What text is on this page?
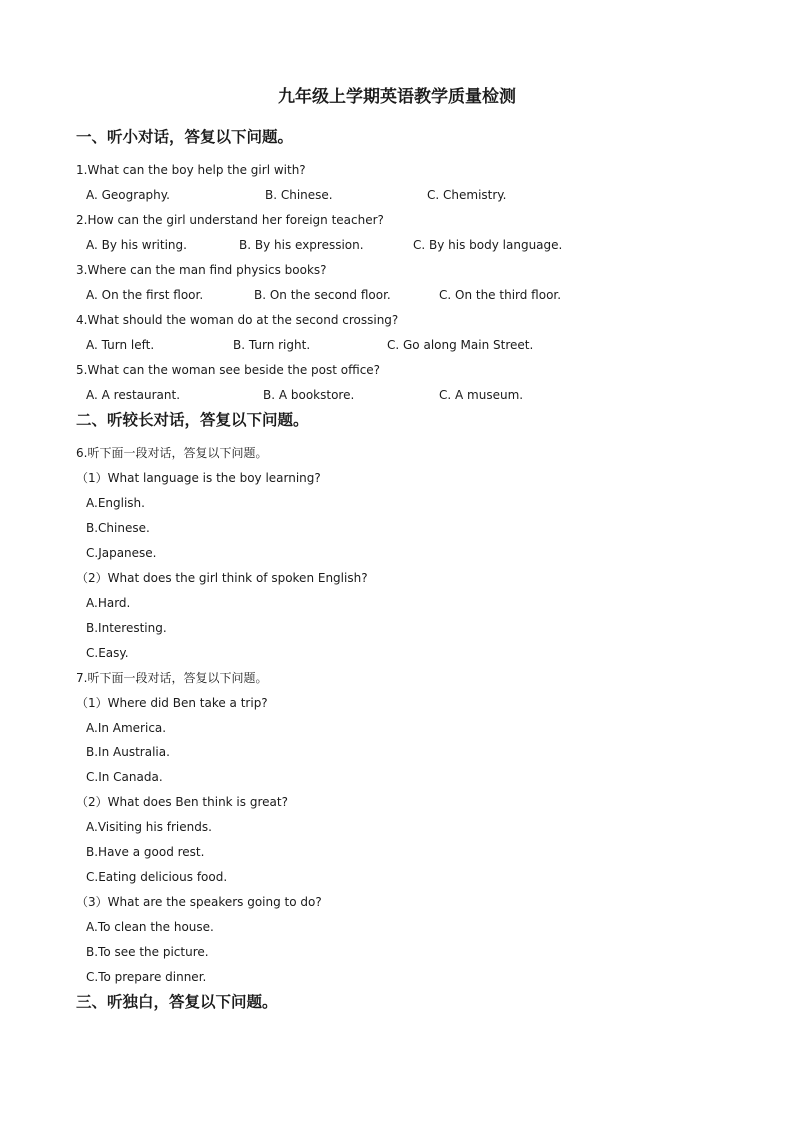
九年级上学期英语教学质量检测
一、听小对话，答复以下问题。
1.What can the boy help the girl with?
A. Geography.	B. Chinese.	C. Chemistry.
2.How can the girl understand her foreign teacher?
A. By his writing.	B. By his expression.	C. By his body language.
3.Where can the man find physics books?
A. On the first floor.	B. On the second floor.	C. On the third floor.
4.What should the woman do at the second crossing?
A. Turn left.	B. Turn right.	C. Go along Main Street.
5.What can the woman see beside the post office?
A. A restaurant.	B. A bookstore.	C. A museum.
二、听较长对话，答复以下问题。
6.听下面一段对话，答复以下问题。
（1）What language is the boy learning?
A.English.
B.Chinese.
C.Japanese.
（2）What does the girl think of spoken English?
A.Hard.
B.Interesting.
C.Easy.
7.听下面一段对话，答复以下问题。
（1）Where did Ben take a trip?
A.In America.
B.In Australia.
C.In Canada.
（2）What does Ben think is great?
A.Visiting his friends.
B.Have a good rest.
C.Eating delicious food.
（3）What are the speakers going to do?
A.To clean the house.
B.To see the picture.
C.To prepare dinner.
三、听独白，答复以下问题。
